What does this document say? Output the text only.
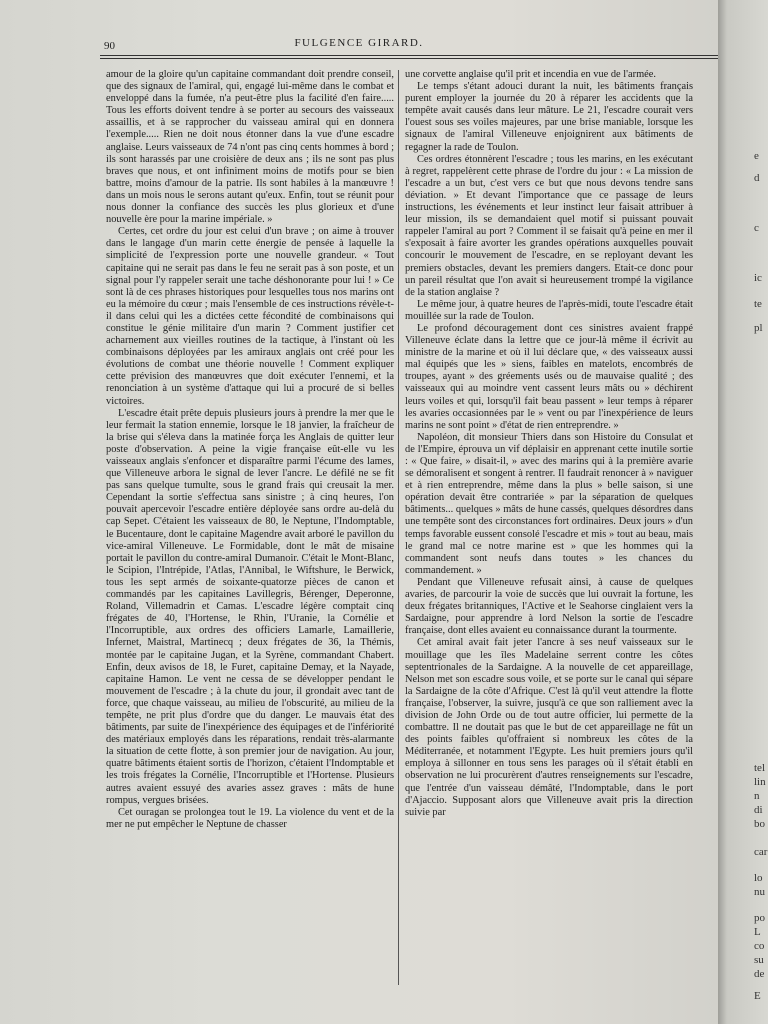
90	FULGENCE GIRARD.

amour de la gloire qu'un capitaine commandant doit prendre conseil, que des signaux de l'amiral, qui, engagé lui-même dans le combat et enveloppé dans la fumée, n'a peut-être plus la facilité d'en faire..... Tous les efforts doivent tendre à se porter au secours des vaisseaux assaillis, et à se rapprocher du vaisseau amiral qui en donnera l'exemple..... Rien ne doit nous étonner dans la vue d'une escadre anglaise. Leurs vaisseaux de 74 n'ont pas cinq cents hommes à bord ; ils sont harassés par une croisière de deux ans ; ils ne sont pas plus braves que nous, et ont infiniment moins de motifs pour se bien battre, moins d'amour de la patrie. Ils sont habiles à la manœuvre ! dans un mois nous le serons autant qu'eux. Enfin, tout se réunit pour nous donner la confiance des succès les plus glorieux et d'une nouvelle ère pour la marine impériale. »

Certes, cet ordre du jour est celui d'un brave ; on aime à trouver dans le langage d'un marin cette énergie de pensée à laquelle la simplicité de l'expression porte une nouvelle grandeur. « Tout capitaine qui ne serait pas dans le feu ne serait pas à son poste, et un signal pour l'y rappeler serait une tache déshonorante pour lui ! » Ce sont là de ces phrases historiques pour lesquelles tous nos marins ont eu la mémoire du cœur ; mais l'ensemble de ces instructions révèle-t-il dans celui qui les a dictées cette fécondité de combinaisons qui constitue le génie militaire d'un marin ? Comment justifier cet acharnement aux vieilles routines de la tactique, à l'instant où les combinaisons déployées par les amiraux anglais ont créé pour les évolutions de combat une théorie nouvelle ! Comment expliquer cette prévision des manœuvres que doit exécuter l'ennemi, et la renonciation à un système d'attaque qui lui a procuré de si belles victoires.

L'escadre était prête depuis plusieurs jours à prendre la mer que le leur fermait la station ennemie, lorsque le 18 janvier, la fraîcheur de la brise qui s'éleva dans la matinée força les Anglais de quitter leur poste d'observation. A peine la vigie française eût-elle vu les vaisseaux anglais s'enfoncer et disparaître parmi l'écume des lames, que Villeneuve arbora le signal de lever l'ancre. Le défilé ne se fit pas sans quelque tumulte, sous le grand frais qui creusait la mer. Cependant la sortie s'effectua sans sinistre ; à cinq heures, l'on pouvait apercevoir l'escadre entière déployée sans ordre au-delà du cap Sepet. C'étaient les vaisseaux de 80, le Neptune, l'Indomptable, le Bucentaure, dont le capitaine Magendre avait arboré le pavillon du vice-amiral Villeneuve. Le Formidable, dont le mât de misaine portait le pavillon du contre-amiral Dumanoir. C'était le Mont-Blanc, le Scipion, l'Intrépide, l'Atlas, l'Annibal, le Wiftshure, le Berwick, tous les sept armés de soixante-quatorze pièces de canon et commandés par les capitaines Lavillegris, Bérenger, Deperonne, Roland, Villemadrin et Camas. L'escadre légère comptait cinq frégates de 40, l'Hortense, le Rhin, l'Uranie, la Cornélie et l'Incorruptible, aux ordres des officiers Lamarle, Lamaillerie, Infernet, Maistral, Martinecq ; deux frégates de 36, la Thémis, montée par le capitaine Jugan, et la Syrène, commandant Chabert. Enfin, deux avisos de 18, le Furet, capitaine Demay, et la Nayade, capitaine Hamon. Le vent ne cessa de se développer pendant le mouvement de l'escadre ; à la chute du jour, il grondait avec tant de force, que chaque vaisseau, au milieu de l'obscurité, au milieu de la tempête, ne prit plus d'ordre que du danger. Le mauvais état des bâtiments, par suite de l'inexpérience des équipages et de l'infériorité des matériaux employés dans les réparations, rendait très-alarmante la situation de cette flotte, à son premier jour de navigation. Au jour, quatre bâtiments étaient sortis de l'horizon, c'étaient l'Indomptable et les trois frégates la Cornélie, l'Incorruptible et l'Hortense. Plusieurs autres avaient essuyé des avaries assez graves : mâts de hune rompus, vergues brisées.

Cet ouragan se prolongea tout le 19. La violence du vent et de la mer ne put empêcher le Neptune de chasser

une corvette anglaise qu'il prit et incendia en vue de l'armée.

Le temps s'étant adouci durant la nuit, les bâtiments français purent employer la journée du 20 à réparer les accidents que la tempête avait causés dans leur mâture. Le 21, l'escadre courait vers l'ouest sous ses voiles majeures, par une brise maniable, lorsque les signaux de l'amiral Villeneuve enjoignirent aux bâtiments de regagner la rade de Toulon.

Ces ordres étonnèrent l'escadre ; tous les marins, en les exécutant à regret, rappelèrent cette phrase de l'ordre du jour : « La mission de l'escadre a un but, c'est vers ce but que nous devons tendre sans déviation. » Et devant l'importance que ce passage de leurs instructions, les événements et leur instinct leur faisait attribuer à leur mission, ils se demandaient quel motif si puissant pouvait rappeler l'amiral au port ? Comment il se faisait qu'à peine en mer il s'exposait à faire avorter les grandes opérations auxquelles pouvait concourir le mouvement de l'escadre, en se reployant devant les premiers obstacles, devant les premiers dangers. Etait-ce donc pour un pareil résultat que l'on avait si heureusement trompé la vigilance de la station anglaise ?

Le même jour, à quatre heures de l'après-midi, toute l'escadre était mouillée sur la rade de Toulon.

Le profond découragement dont ces sinistres avaient frappé Villeneuve éclate dans la lettre que ce jour-là même il écrivit au ministre de la marine et où il lui déclare que, « des vaisseaux aussi mal équipés que les » siens, faibles en matelots, encombrés de troupes, ayant » des gréements usés ou de mauvaise qualité ; des vaisseaux qui au moindre vent cassent leurs mâts ou » déchirent leurs voiles et qui, lorsqu'il fait beau passent » leur temps à réparer les avaries occasionnées par le » vent ou par l'inexpérience de leurs marins ne sont point » d'état de rien entreprendre. »

Napoléon, dit monsieur Thiers dans son Histoire du Consulat et de l'Empire, éprouva un vif déplaisir en apprenant cette inutile sortie : « Que faire, » disait-il, » avec des marins qui à la première avarie se démoralisent et songent à rentrer. Il faudrait renoncer à » naviguer et à rien entreprendre, même dans la plus » belle saison, si une opération devait être contrariée » par la séparation de quelques bâtiments... quelques » mâts de hune cassés, quelques désordres dans une tempête sont des circonstances fort ordinaires. Deux jours » d'un temps favorable eussent consolé l'escadre et mis » tout au beau, mais le grand mal ce notre marine est » que les hommes qui la commandent sont neufs dans toutes » les chances du commandement. »

Pendant que Villeneuve refusait ainsi, à cause de quelques avaries, de parcourir la voie de succès que lui ouvrait la fortune, les deux frégates britanniques, l'Active et le Seahorse cinglaient vers la Sardaigne, pour apprendre à lord Nelson la sortie de l'escadre française, dont elles avaient eu connaissance durant la tourmente.

Cet amiral avait fait jeter l'ancre à ses neuf vaisseaux sur le mouillage que les îles Madelaine serrent contre les côtes septentrionales de la Sardaigne. A la nouvelle de cet appareillage, Nelson met son escadre sous voile, et se porte sur le canal qui sépare la Sardaigne de la côte d'Afrique. C'est là qu'il veut attendre la flotte française, l'observer, la suivre, jusqu'à ce que son ralliement avec la division de John Orde ou de tout autre officier, lui permette de la combattre. Il ne doutait pas que le but de cet appareillage ne fût un des points faibles qu'offraient si nombreux les côtes de la Méditerranée, et notamment l'Egypte. Les huit premiers jours qu'il employa à sillonner en tous sens les parages où il s'était établi en observation ne lui procurèrent d'autres renseignements sur l'escadre, que l'entrée d'un vaisseau démâté, l'Indomptable, dans le port d'Ajaccio. Supposant alors que Villeneuve avait pris la direction suivie par

e
d
c
ic
te
pl
tel
lin
n
di
bo
car
lo
nu
po
L
co
su
de
E
